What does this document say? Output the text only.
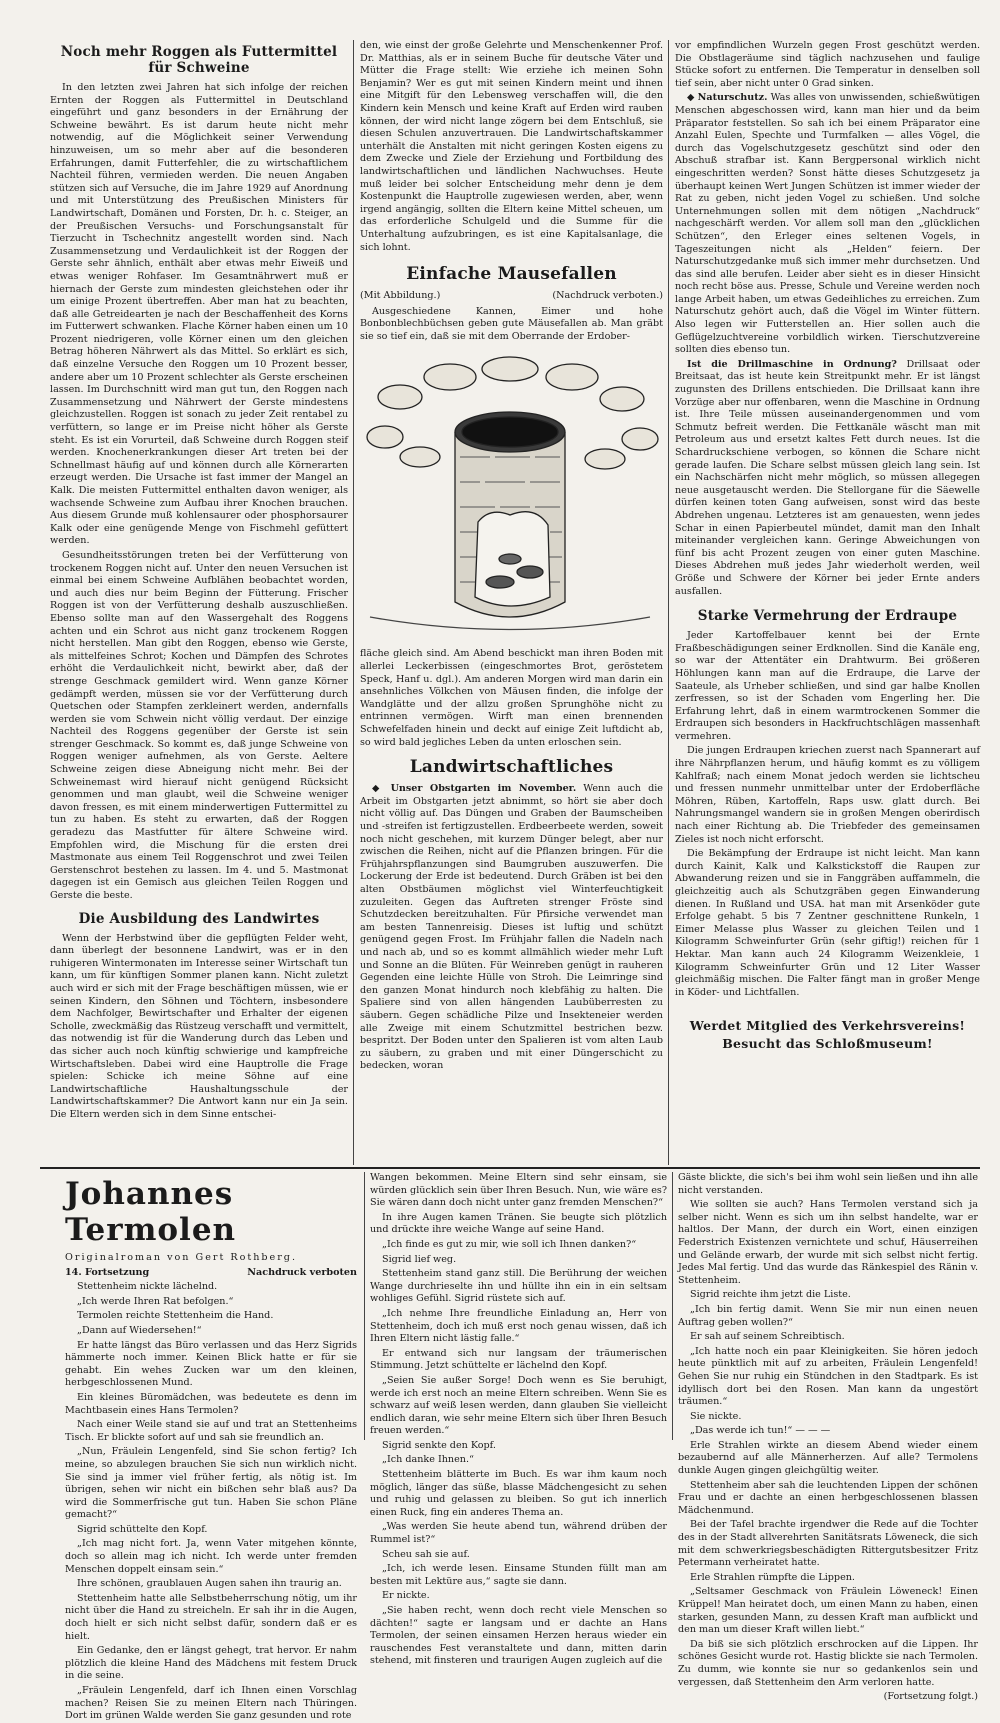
Noch mehr Roggen als Futtermittel für Schweine

In den letzten zwei Jahren hat sich infolge der reichen Ernten der Roggen als Futtermittel in Deutschland eingeführt und ganz besonders in der Ernährung der Schweine bewährt. Es ist darum heute nicht mehr notwendig, auf die Möglichkeit seiner Verwendung hinzuweisen, um so mehr aber auf die besonderen Erfahrungen, damit Futterfehler, die zu wirtschaftlichem Nachteil führen, vermieden werden. Die neuen Angaben stützen sich auf Versuche, die im Jahre 1929 auf Anordnung und mit Unterstützung des Preußischen Ministers für Landwirtschaft, Domänen und Forsten, Dr. h. c. Steiger, an der Preußischen Versuchs- und Forschungsanstalt für Tierzucht in Tschechnitz angestellt worden sind. Nach Zusammensetzung und Verdaulichkeit ist der Roggen der Gerste sehr ähnlich, enthält aber etwas mehr Eiweiß und etwas weniger Rohfaser. Im Gesamtnährwert muß er hiernach der Gerste zum mindesten gleichstehen oder ihr um einige Prozent übertreffen. Aber man hat zu beachten, daß alle Getreidearten je nach der Beschaffenheit des Korns im Futterwert schwanken. Flache Körner haben einen um 10 Prozent niedrigeren, volle Körner einen um den gleichen Betrag höheren Nährwert als das Mittel. So erklärt es sich, daß einzelne Versuche den Roggen um 10 Prozent besser, andere aber um 10 Prozent schlechter als Gerste erscheinen lassen. Im Durchschnitt wird man gut tun, den Roggen nach Zusammensetzung und Nährwert der Gerste mindestens gleichzustellen. Roggen ist sonach zu jeder Zeit rentabel zu verfüttern, so lange er im Preise nicht höher als Gerste steht. Es ist ein Vorurteil, daß Schweine durch Roggen steif werden. Knochenerkrankungen dieser Art treten bei der Schnellmast häufig auf und können durch alle Körnerarten erzeugt werden. Die Ursache ist fast immer der Mangel an Kalk. Die meisten Futtermittel enthalten davon weniger, als wachsende Schweine zum Aufbau ihrer Knochen brauchen. Aus diesem Grunde muß kohlensaurer oder phosphorsaurer Kalk oder eine genügende Menge von Fischmehl gefüttert werden.

Gesundheitsstörungen treten bei der Verfütterung von trockenem Roggen nicht auf. Unter den neuen Versuchen ist einmal bei einem Schweine Aufblähen beobachtet worden, und auch dies nur beim Beginn der Fütterung. Frischer Roggen ist von der Verfütterung deshalb auszuschließen. Ebenso sollte man auf den Wassergehalt des Roggens achten und ein Schrot aus nicht ganz trockenem Roggen nicht herstellen. Man gibt den Roggen, ebenso wie Gerste, als mittelfeines Schrot; Kochen und Dämpfen des Schrotes erhöht die Verdaulichkeit nicht, bewirkt aber, daß der strenge Geschmack gemildert wird. Wenn ganze Körner gedämpft werden, müssen sie vor der Verfütterung durch Quetschen oder Stampfen zerkleinert werden, andernfalls werden sie vom Schwein nicht völlig verdaut. Der einzige Nachteil des Roggens gegenüber der Gerste ist sein strenger Geschmack. So kommt es, daß junge Schweine von Roggen weniger aufnehmen, als von Gerste. Aeltere Schweine zeigen diese Abneigung nicht mehr. Bei der Schweinemast wird hierauf nicht genügend Rücksicht genommen und man glaubt, weil die Schweine weniger davon fressen, es mit einem minderwertigen Futtermittel zu tun zu haben. Es steht zu erwarten, daß der Roggen geradezu das Mastfutter für ältere Schweine wird. Empfohlen wird, die Mischung für die ersten drei Mastmonate aus einem Teil Roggenschrot und zwei Teilen Gerstenschrot bestehen zu lassen. Im 4. und 5. Mastmonat dagegen ist ein Gemisch aus gleichen Teilen Roggen und Gerste die beste.

Die Ausbildung des Landwirtes

Wenn der Herbstwind über die gepflügten Felder weht, dann überlegt der besonnene Landwirt, was er in den ruhigeren Wintermonaten im Interesse seiner Wirtschaft tun kann, um für künftigen Sommer planen kann. Nicht zuletzt auch wird er sich mit der Frage beschäftigen müssen, wie er seinen Kindern, den Söhnen und Töchtern, insbesondere dem Nachfolger, Bewirtschafter und Erhalter der eigenen Scholle, zweckmäßig das Rüstzeug verschafft und vermittelt, das notwendig ist für die Wanderung durch das Leben und das sicher auch noch künftig schwierige und kampfreiche Wirtschaftsleben. Dabei wird eine Hauptrolle die Frage spielen: Schicke ich meine Söhne auf eine Landwirtschaftliche Haushaltungsschule der Landwirtschaftskammer? Die Antwort kann nur ein Ja sein. Die Eltern werden sich in dem Sinne entschei-

den, wie einst der große Gelehrte und Menschenkenner Prof. Dr. Matthias, als er in seinem Buche für deutsche Väter und Mütter die Frage stellt: Wie erziehe ich meinen Sohn Benjamin? Wer es gut mit seinen Kindern meint und ihnen eine Mitgift für den Lebensweg verschaffen will, die den Kindern kein Mensch und keine Kraft auf Erden wird rauben können, der wird nicht lange zögern bei dem Entschluß, sie diesen Schulen anzuvertrauen. Die Landwirtschaftskammer unterhält die Anstalten mit nicht geringen Kosten eigens zu dem Zwecke und Ziele der Erziehung und Fortbildung des landwirtschaftlichen und ländlichen Nachwuchses. Heute muß leider bei solcher Entscheidung mehr denn je dem Kostenpunkt die Hauptrolle zugewiesen werden, aber, wenn irgend angängig, sollten die Eltern keine Mittel scheuen, um das erforderliche Schulgeld und die Summe für die Unterhaltung aufzubringen, es ist eine Kapitalsanlage, die sich lohnt.

Einfache Mausefallen
(Mit Abbildung.)	(Nachdruck verboten.)

Ausgeschiedene Kannen, Eimer und hohe Bonbonblechbüchsen geben gute Mäusefallen ab. Man gräbt sie so tief ein, daß sie mit dem Oberrande der Erdober-

fläche gleich sind. Am Abend beschickt man ihren Boden mit allerlei Leckerbissen (eingeschmortes Brot, geröstetem Speck, Hanf u. dgl.). Am anderen Morgen wird man darin ein ansehnliches Völkchen von Mäusen finden, die infolge der Wandglätte und der allzu großen Sprunghöhe nicht zu entrinnen vermögen. Wirft man einen brennenden Schwefelfaden hinein und deckt auf einige Zeit luftdicht ab, so wird bald jegliches Leben da unten erloschen sein.

Landwirtschaftliches

◆ Unser Obstgarten im November. Wenn auch die Arbeit im Obstgarten jetzt abnimmt, so hört sie aber doch nicht völlig auf. Das Düngen und Graben der Baumscheiben und -streifen ist fertigzustellen. Erdbeerbeete werden, soweit noch nicht geschehen, mit kurzem Dünger belegt, aber nur zwischen die Reihen, nicht auf die Pflanzen bringen. Für die Frühjahrspflanzungen sind Baumgruben auszuwerfen. Die Lockerung der Erde ist bedeutend. Durch Gräben ist bei den alten Obstbäumen möglichst viel Winterfeuchtigkeit zuzuleiten. Gegen das Auftreten strenger Fröste sind Schutzdecken bereitzuhalten. Für Pfirsiche verwendet man am besten Tannenreisig. Dieses ist luftig und schützt genügend gegen Frost. Im Frühjahr fallen die Nadeln nach und nach ab, und so es kommt allmählich wieder mehr Luft und Sonne an die Blüten. Für Weinreben genügt in rauheren Gegenden eine leichte Hülle von Stroh. Die Leimringe sind den ganzen Monat hindurch noch klebfähig zu halten. Die Spaliere sind von allen hängenden Laubüberresten zu säubern. Gegen schädliche Pilze und Insekteneier werden alle Zweige mit einem Schutzmittel bestrichen bezw. bespritzt. Der Boden unter den Spalieren ist vom alten Laub zu säubern, zu graben und mit einer Düngerschicht zu bedecken, woran

vor empfindlichen Wurzeln gegen Frost geschützt werden. Die Obstlageräume sind täglich nachzusehen und faulige Stücke sofort zu entfernen. Die Temperatur in denselben soll tief sein, aber nicht unter 0 Grad sinken.

◆ Naturschutz. Was alles von unwissenden, schießwütigen Menschen abgeschossen wird, kann man hier und da beim Präparator feststellen. So sah ich bei einem Präparator eine Anzahl Eulen, Spechte und Turmfalken — alles Vögel, die durch das Vogelschutzgesetz geschützt sind oder den Abschuß strafbar ist. Kann Bergpersonal wirklich nicht eingeschritten werden? Sonst hätte dieses Schutzgesetz ja überhaupt keinen Wert Jungen Schützen ist immer wieder der Rat zu geben, nicht jeden Vogel zu schießen. Und solche Unternehmungen sollen mit dem nötigen „Nachdruck“ nachgeschärft werden. Vor allem soll man den „glücklichen Schützen“, den Erleger eines seltenen Vogels, in Tageszeitungen nicht als „Helden“ feiern. Der Naturschutzgedanke muß sich immer mehr durchsetzen. Und das sind alle berufen. Leider aber sieht es in dieser Hinsicht noch recht böse aus. Presse, Schule und Vereine werden noch lange Arbeit haben, um etwas Gedeihliches zu erreichen. Zum Naturschutz gehört auch, daß die Vögel im Winter füttern. Also legen wir Futterstellen an. Hier sollen auch die Geflügelzuchtvereine vorbildlich wirken. Tierschutzvereine sollten dies ebenso tun.

Ist die Drillmaschine in Ordnung? Drillsaat oder Breitsaat, das ist heute kein Streitpunkt mehr. Er ist längst zugunsten des Drillens entschieden. Die Drillsaat kann ihre Vorzüge aber nur offenbaren, wenn die Maschine in Ordnung ist. Ihre Teile müssen auseinandergenommen und vom Schmutz befreit werden. Die Fettkanäle wäscht man mit Petroleum aus und ersetzt kaltes Fett durch neues. Ist die Schardruckschiene verbogen, so können die Schare nicht gerade laufen. Die Schare selbst müssen gleich lang sein. Ist ein Nachschärfen nicht mehr möglich, so müssen allegegen neue ausgetauscht werden. Die Stellorgane für die Säewelle dürfen keinen toten Gang aufweisen, sonst wird das beste Abdrehen ungenau. Letzteres ist am genauesten, wenn jedes Schar in einen Papierbeutel mündet, damit man den Inhalt miteinander vergleichen kann. Geringe Abweichungen von fünf bis acht Prozent zeugen von einer guten Maschine. Dieses Abdrehen muß jedes Jahr wiederholt werden, weil Größe und Schwere der Körner bei jeder Ernte anders ausfallen.

Starke Vermehrung der Erdraupe

Jeder Kartoffelbauer kennt bei der Ernte Fraßbeschädigungen seiner Erdknollen. Sind die Kanäle eng, so war der Attentäter ein Drahtwurm. Bei größeren Höhlungen kann man auf die Erdraupe, die Larve der Saateule, als Urheber schließen, und sind gar halbe Knollen zerfressen, so ist der Schaden vom Engerling her. Die Erfahrung lehrt, daß in einem warmtrockenen Sommer die Erdraupen sich besonders in Hackfruchtschlägen massenhaft vermehren.

Die jungen Erdraupen kriechen zuerst nach Spannerart auf ihre Nährpflanzen herum, und häufig kommt es zu völligem Kahlfraß; nach einem Monat jedoch werden sie lichtscheu und fressen nunmehr unmittelbar unter der Erdoberfläche Möhren, Rüben, Kartoffeln, Raps usw. glatt durch. Bei Nahrungsmangel wandern sie in großen Mengen oberirdisch nach einer Richtung ab. Die Triebfeder des gemeinsamen Zieles ist noch nicht erforscht.

Die Bekämpfung der Erdraupe ist nicht leicht. Man kann durch Kainit, Kalk und Kalkstickstoff die Raupen zur Abwanderung reizen und sie in Fanggräben auffammeln, die gleichzeitig auch als Schutzgräben gegen Einwanderung dienen. In Rußland und USA. hat man mit Arsenköder gute Erfolge gehabt. 5 bis 7 Zentner geschnittene Runkeln, 1 Eimer Melasse plus Wasser zu gleichen Teilen und 1 Kilogramm Schweinfurter Grün (sehr giftig!) reichen für 1 Hektar. Man kann auch 24 Kilogramm Weizenkleie, 1 Kilogramm Schweinfurter Grün und 12 Liter Wasser gleichmäßig mischen. Die Falter fängt man in großer Menge in Köder- und Lichtfallen.

Werdet Mitglied des Verkehrsvereins!
Besucht das Schloßmuseum!
Johannes Termolen
Originalroman von Gert Rothberg.
14. Fortsetzung	Nachdruck verboten

Stettenheim nickte lächelnd.

„Ich werde Ihren Rat befolgen.“

Termolen reichte Stettenheim die Hand.

„Dann auf Wiedersehen!“

Er hatte längst das Büro verlassen und das Herz Sigrids hämmerte noch immer. Keinen Blick hatte er für sie gehabt. Ein wehes Zucken war um den kleinen, herbgeschlossenen Mund.

Ein kleines Büromädchen, was bedeutete es denn im Machtbasein eines Hans Termolen?

Nach einer Weile stand sie auf und trat an Stettenheims Tisch. Er blickte sofort auf und sah sie freundlich an.

„Nun, Fräulein Lengenfeld, sind Sie schon fertig? Ich meine, so abzulegen brauchen Sie sich nun wirklich nicht. Sie sind ja immer viel früher fertig, als nötig ist. Im übrigen, sehen wir nicht ein bißchen sehr blaß aus? Da wird die Sommerfrische gut tun. Haben Sie schon Pläne gemacht?“

Sigrid schüttelte den Kopf.

„Ich mag nicht fort. Ja, wenn Vater mitgehen könnte, doch so allein mag ich nicht. Ich werde unter fremden Menschen doppelt einsam sein.“

Ihre schönen, graublauen Augen sahen ihn traurig an.

Stettenheim hatte alle Selbstbeherrschung nötig, um ihr nicht über die Hand zu streicheln. Er sah ihr in die Augen, doch hielt er sich nicht selbst dafür, sondern daß er es hielt.

Ein Gedanke, den er längst gehegt, trat hervor. Er nahm plötzlich die kleine Hand des Mädchens mit festem Druck in die seine.

„Fräulein Lengenfeld, darf ich Ihnen einen Vorschlag machen? Reisen Sie zu meinen Eltern nach Thüringen. Dort im grünen Walde werden Sie ganz gesunden und rote

Wangen bekommen. Meine Eltern sind sehr einsam, sie würden glücklich sein über Ihren Besuch. Nun, wie wäre es? Sie wären dann doch nicht unter ganz fremden Menschen?“

In ihre Augen kamen Tränen. Sie beugte sich plötzlich und drückte ihre weiche Wange auf seine Hand.

„Ich finde es gut zu mir, wie soll ich Ihnen danken?“

Sigrid lief weg.

Stettenheim stand ganz still. Die Berührung der weichen Wange durchrieselte ihn und hüllte ihn ein in ein seltsam wohliges Gefühl. Sigrid rüstete sich auf.

„Ich nehme Ihre freundliche Einladung an, Herr von Stettenheim, doch ich muß erst noch genau wissen, daß ich Ihren Eltern nicht lästig falle.“

Er entwand sich nur langsam der träumerischen Stimmung. Jetzt schüttelte er lächelnd den Kopf.

„Seien Sie außer Sorge! Doch wenn es Sie beruhigt, werde ich erst noch an meine Eltern schreiben. Wenn Sie es schwarz auf weiß lesen werden, dann glauben Sie vielleicht endlich daran, wie sehr meine Eltern sich über Ihren Besuch freuen werden.“

Sigrid senkte den Kopf.

„Ich danke Ihnen.“

Stettenheim blätterte im Buch. Es war ihm kaum noch möglich, länger das süße, blasse Mädchengesicht zu sehen und ruhig und gelassen zu bleiben. So gut ich innerlich einen Ruck, fing ein anderes Thema an.

„Was werden Sie heute abend tun, während drüben der Rummel ist?“

Scheu sah sie auf.

„Ich, ich werde lesen. Einsame Stunden füllt man am besten mit Lektüre aus,“ sagte sie dann.

Er nickte.

„Sie haben recht, wenn doch recht viele Menschen so dächten!“ sagte er langsam und er dachte an Hans Termolen, der seinen einsamen Herzen heraus wieder ein rauschendes Fest veranstaltete und dann, mitten darin stehend, mit finsteren und traurigen Augen zugleich auf die

Gäste blickte, die sich's bei ihm wohl sein ließen und ihn alle nicht verstanden.

Wie sollten sie auch? Hans Termolen verstand sich ja selber nicht. Wenn es sich um ihn selbst handelte, war er haltlos. Der Mann, der durch ein Wort, einen einzigen Federstrich Existenzen vernichtete und schuf, Häuserreihen und Gelände erwarb, der wurde mit sich selbst nicht fertig. Jedes Mal fertig. Und das wurde das Ränkespiel des Ränin v. Stettenheim.

Sigrid reichte ihm jetzt die Liste.

„Ich bin fertig damit. Wenn Sie mir nun einen neuen Auftrag geben wollen?“

Er sah auf seinem Schreibtisch.

„Ich hatte noch ein paar Kleinigkeiten. Sie hören jedoch heute pünktlich mit auf zu arbeiten, Fräulein Lengenfeld! Gehen Sie nur ruhig ein Stündchen in den Stadtpark. Es ist idyllisch dort bei den Rosen. Man kann da ungestört träumen.“

Sie nickte.

„Das werde ich tun!“ — — —

Erle Strahlen wirkte an diesem Abend wieder einem bezaubernd auf alle Männerherzen. Auf alle? Termolens dunkle Augen gingen gleichgültig weiter.

Stettenheim aber sah die leuchtenden Lippen der schönen Frau und er dachte an einen herbgeschlossenen blassen Mädchenmund.

Bei der Tafel brachte irgendwer die Rede auf die Tochter des in der Stadt allverehrten Sanitätsrats Löweneck, die sich mit dem schwerkriegsbeschädigten Rittergutsbesitzer Fritz Petermann verheiratet hatte.

Erle Strahlen rümpfte die Lippen.

„Seltsamer Geschmack von Fräulein Löweneck! Einen Krüppel! Man heiratet doch, um einen Mann zu haben, einen starken, gesunden Mann, zu dessen Kraft man aufblickt und den man um dieser Kraft willen liebt.“

Da biß sie sich plötzlich erschrocken auf die Lippen. Ihr schönes Gesicht wurde rot. Hastig blickte sie nach Termolen. Zu dumm, wie konnte sie nur so gedankenlos sein und vergessen, daß Stettenheim den Arm verloren hatte.

(Fortsetzung folgt.)
